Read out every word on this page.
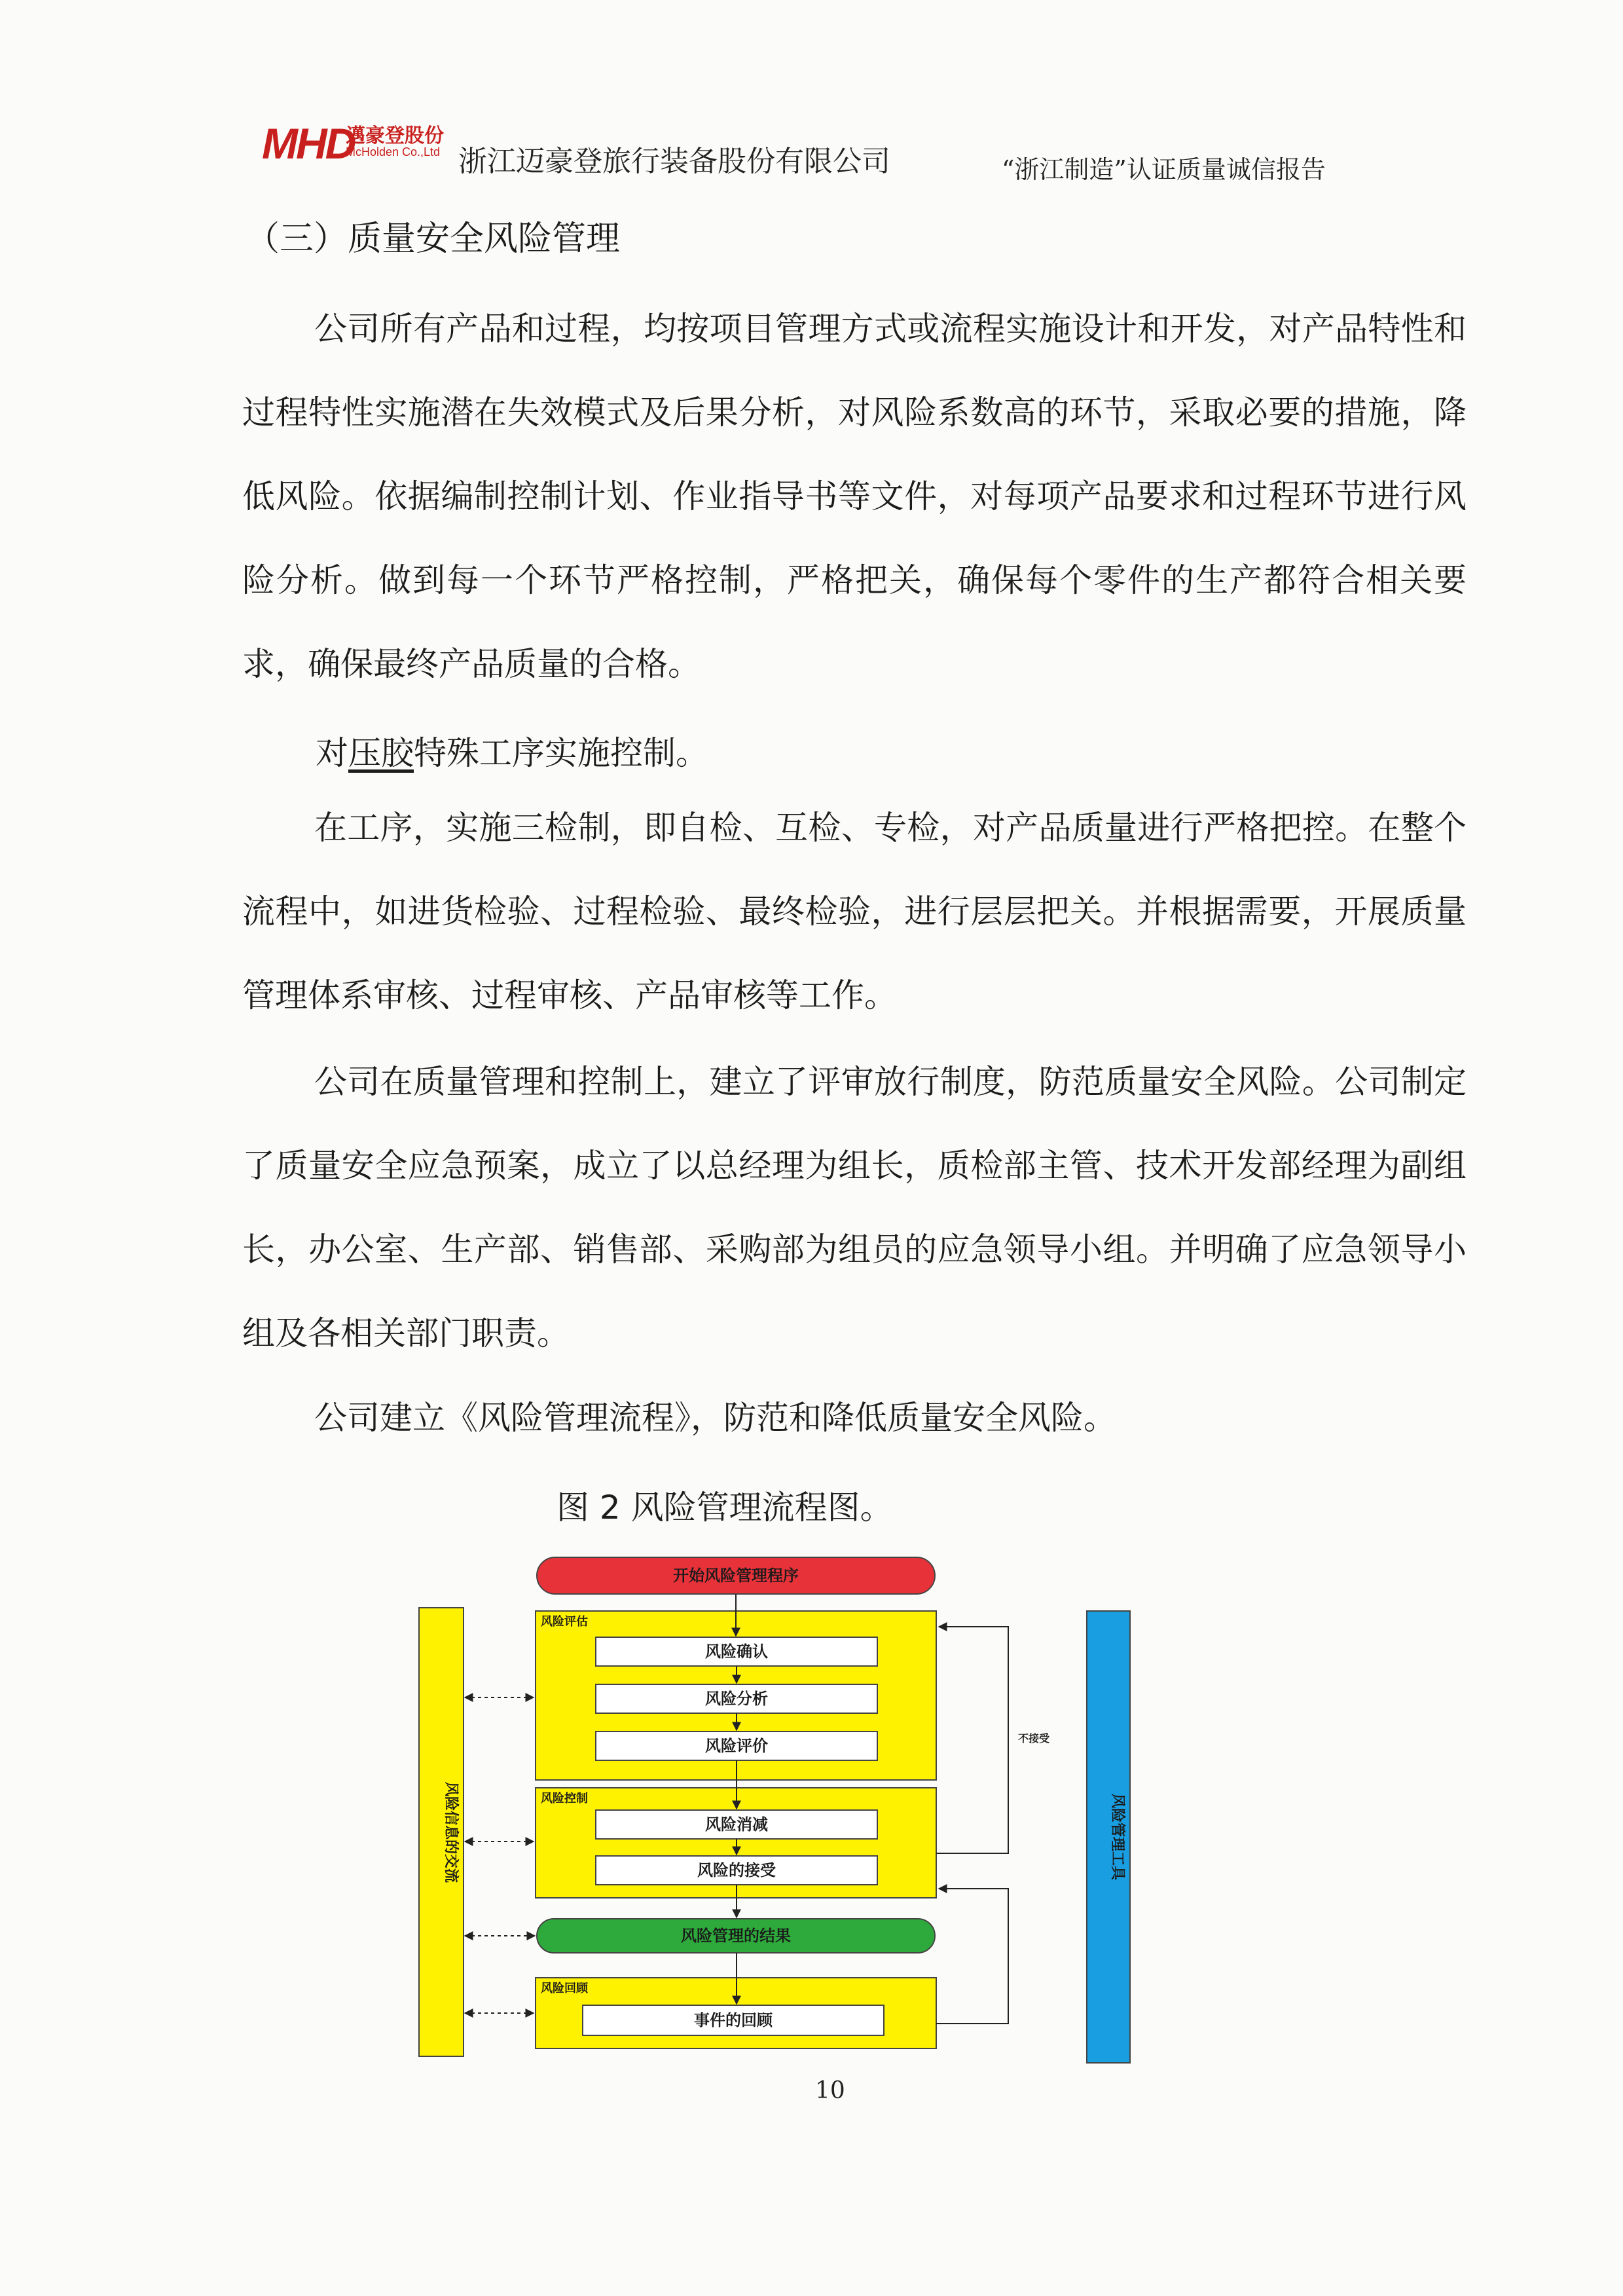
MHD
邁豪登股份
McHolden Co.,Ltd 浙江迈豪登旅行装备股份有限公司	“浙江制造”认证质量诚信报告
（三）质量安全风险管理

公司所有产品和过程，均按项目管理方式或流程实施设计和开发，对产品特性和过程特性实施潜在失效模式及后果分析，对风险系数高的环节，采取必要的措施，降低风险。依据编制控制计划、作业指导书等文件，对每项产品要求和过程环节进行风险分析。做到每一个环节严格控制，严格把关，确保每个零件的生产都符合相关要求，确保最终产品质量的合格。

对压胶特殊工序实施控制。

在工序，实施三检制，即自检、互检、专检，对产品质量进行严格把控。在整个流程中，如进货检验、过程检验、最终检验，进行层层把关。并根据需要，开展质量管理体系审核、过程审核、产品审核等工作。

公司在质量管理和控制上，建立了评审放行制度，防范质量安全风险。公司制定了质量安全应急预案，成立了以总经理为组长，质检部主管、技术开发部经理为副组长，办公室、生产部、销售部、采购部为组员的应急领导小组。并明确了应急领导小组及各相关部门职责。

公司建立《风险管理流程》，防范和降低质量安全风险。
图 2 风险管理流程图。
风险信息的交流	风险管理工具
开始风险管理程序
风险评估
风险确认
风险分析
风险评价
风险控制
风险消减
风险的接受
风险管理的结果
风险回顾
事件的回顾
不接受
10
